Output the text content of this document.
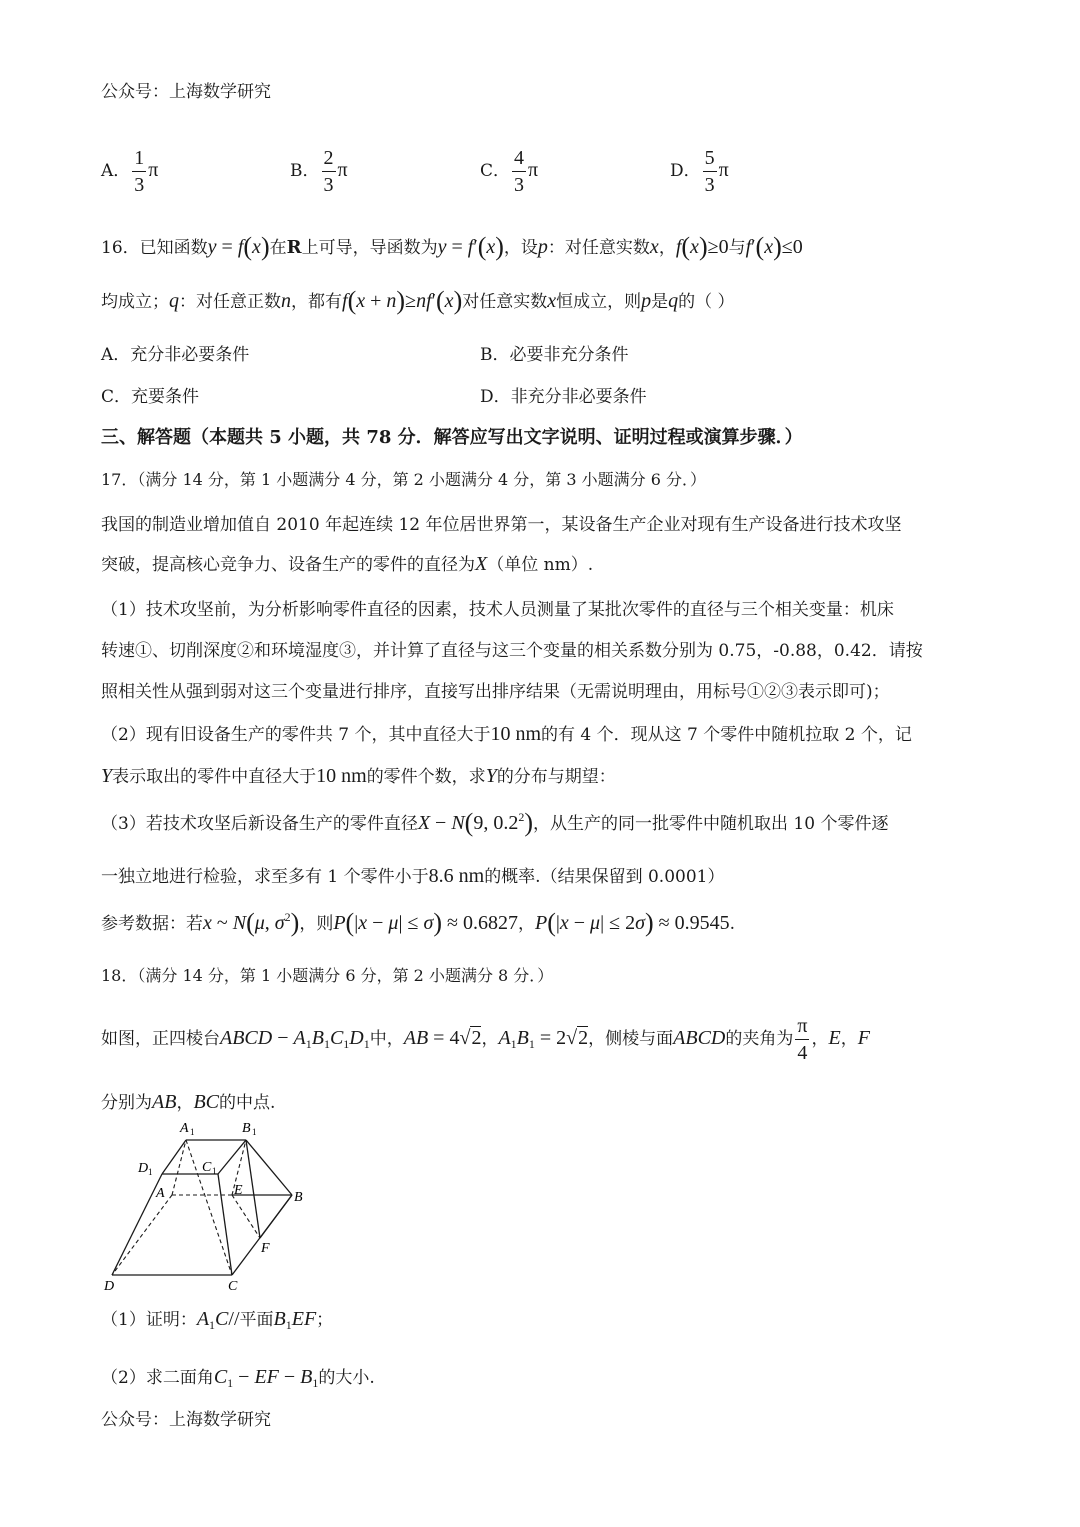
公众号：上海数学研究
A． $\frac{1}{3}$ π	B． $\frac{2}{3}$ π	C． $\frac{4}{3}$ π	D． $\frac{5}{3}$ π
16．已知函数y = f(x)在R上可导，导函数为y = f′(x)，设p：对任意实数x，f(x)≥0与f′(x)≤0
均成立；q：对任意正数n，都有f(x + n)≥nf′(x)对任意实数x恒成立，则p是q的（ ）
A．充分非必要条件	B．必要非充分条件
C．充要条件	D．非充分非必要条件
三、解答题（本题共 5 小题，共 78 分．解答应写出文字说明、证明过程或演算步骤．）
17．（满分 14 分，第 1 小题满分 4 分，第 2 小题满分 4 分，第 3 小题满分 6 分．）
我国的制造业增加值自 2010 年起连续 12 年位居世界第一，某设备生产企业对现有生产设备进行技术攻坚
突破，提高核心竞争力、设备生产的零件的直径为X（单位 nm）.
（1）技术攻坚前，为分析影响零件直径的因素，技术人员测量了某批次零件的直径与三个相关变量：机床
转速①、切削深度②和环境湿度③，并计算了直径与这三个变量的相关系数分别为 0.75，-0.88，0.42．请按
照相关性从强到弱对这三个变量进行排序，直接写出排序结果（无需说明理由，用标号①②③表示即可)；
（2）现有旧设备生产的零件共 7 个，其中直径大于10 nm的有 4 个．现从这 7 个零件中随机拉取 2 个，记
Y表示取出的零件中直径大于10 nm的零件个数，求Y的分布与期望：
（3）若技术攻坚后新设备生产的零件直径X − N(9, $0.2^2$)，从生产的同一批零件中随机取出 10 个零件逐
一独立地进行检验，求至多有 1 个零件小于8.6 nm的概率.（结果保留到 0.0001）
参考数据：若x ~ N(μ, $\sigma^2$)，则P(|x − μ| ≤ σ) ≈ 0.6827，P(|x − μ| ≤ 2σ) ≈ 0.9545.
18．（满分 14 分，第 1 小题满分 6 分，第 2 小题满分 8 分．）
如图，正四棱台ABCD − $A_1B_1C_1D_1$中，AB = 4√2，$A_1B_1 = 2√2$，侧棱与面ABCD的夹角为 $\frac{\pi}{4}$ ，E，F
分别为AB，BC的中点.
A 1	B 1
D 1	C 1
A	E	B
F
D	C
（1）证明：$A_1C//$平面$B_1EF$；
（2）求二面角$C_1$ − EF − $B_1$的大小.
公众号：上海数学研究
